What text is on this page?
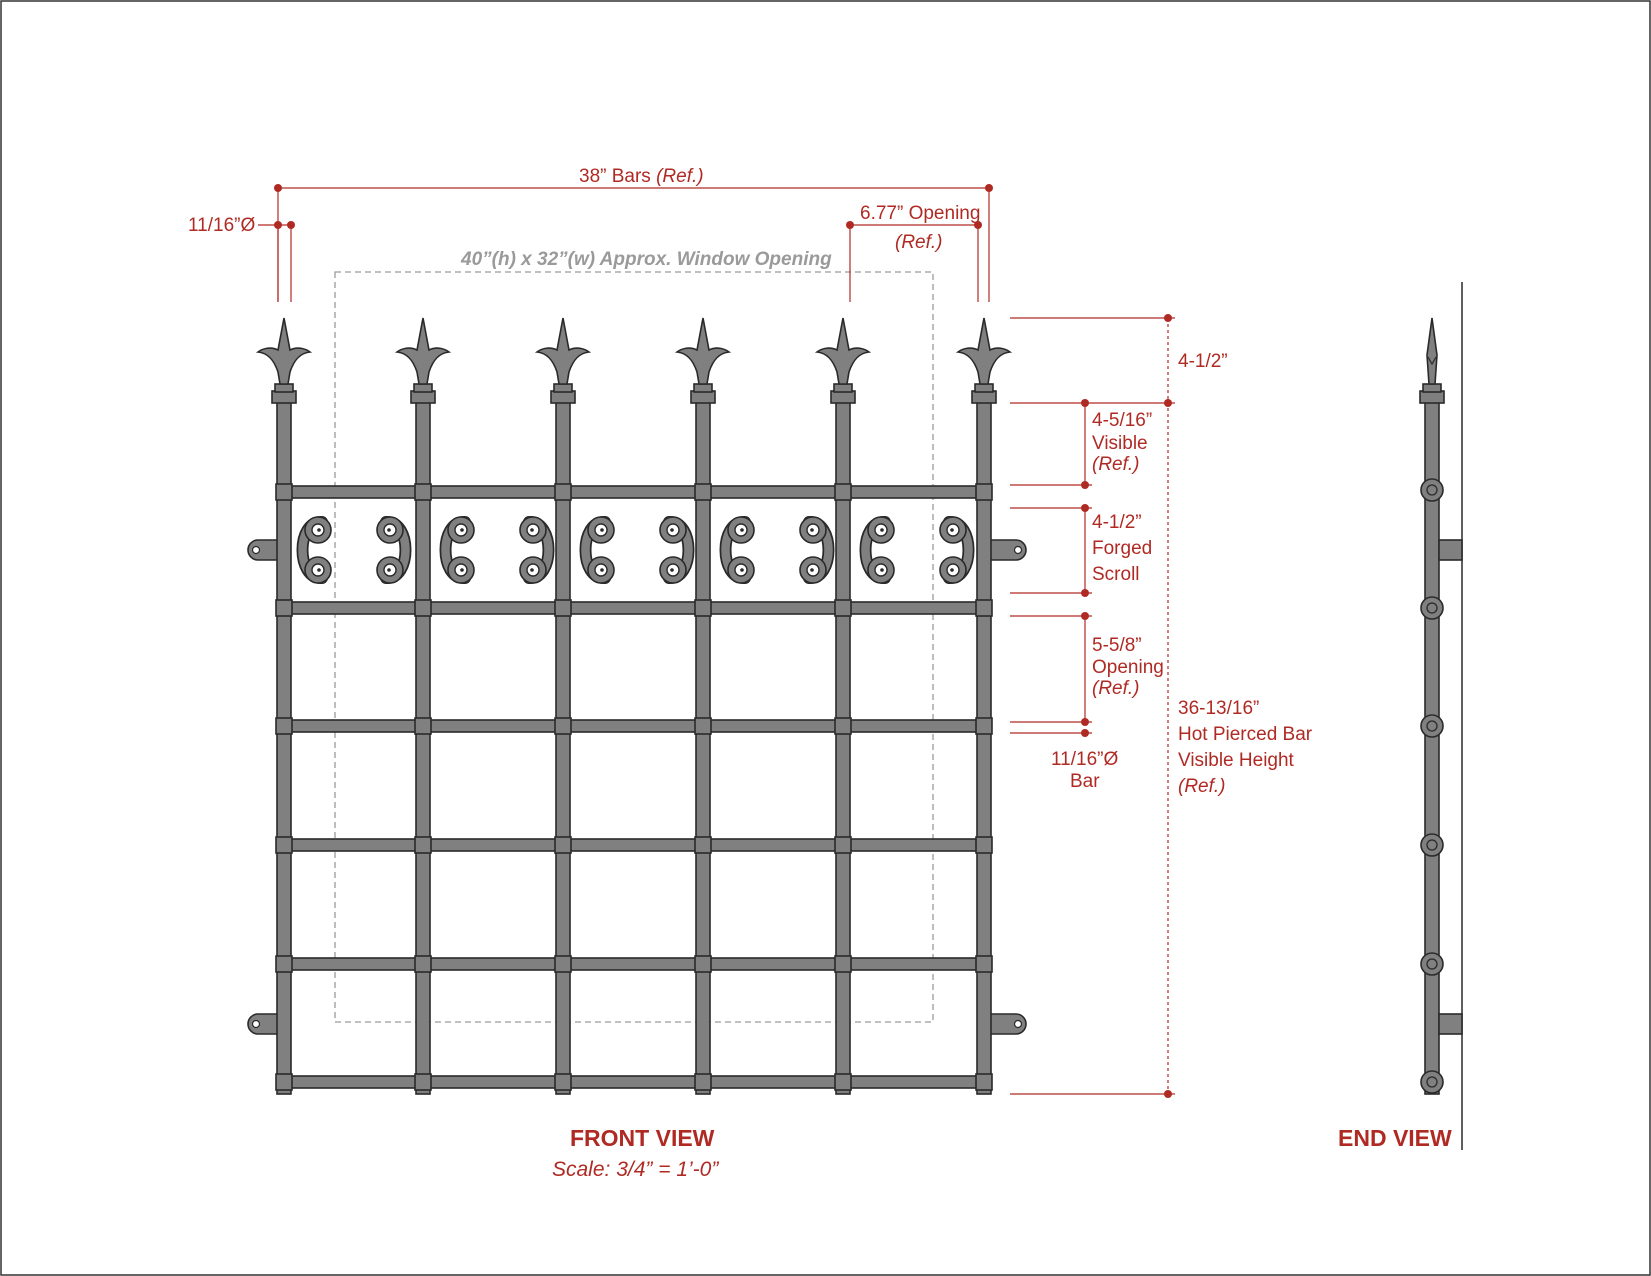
40”(h) x 32”(w) Approx. Window Opening
38” Bars (Ref.)
11/16”Ø
6.77” Opening
(Ref.)
4-1/2”
4-5/16”
Visible
(Ref.)
4-1/2”
Forged
Scroll
5-5/8”
Opening
(Ref.)
11/16”Ø
Bar
36-13/16”
Hot Pierced Bar
Visible Height
(Ref.)
FRONT VIEW
Scale: 3/4” = 1’-0”
END VIEW
